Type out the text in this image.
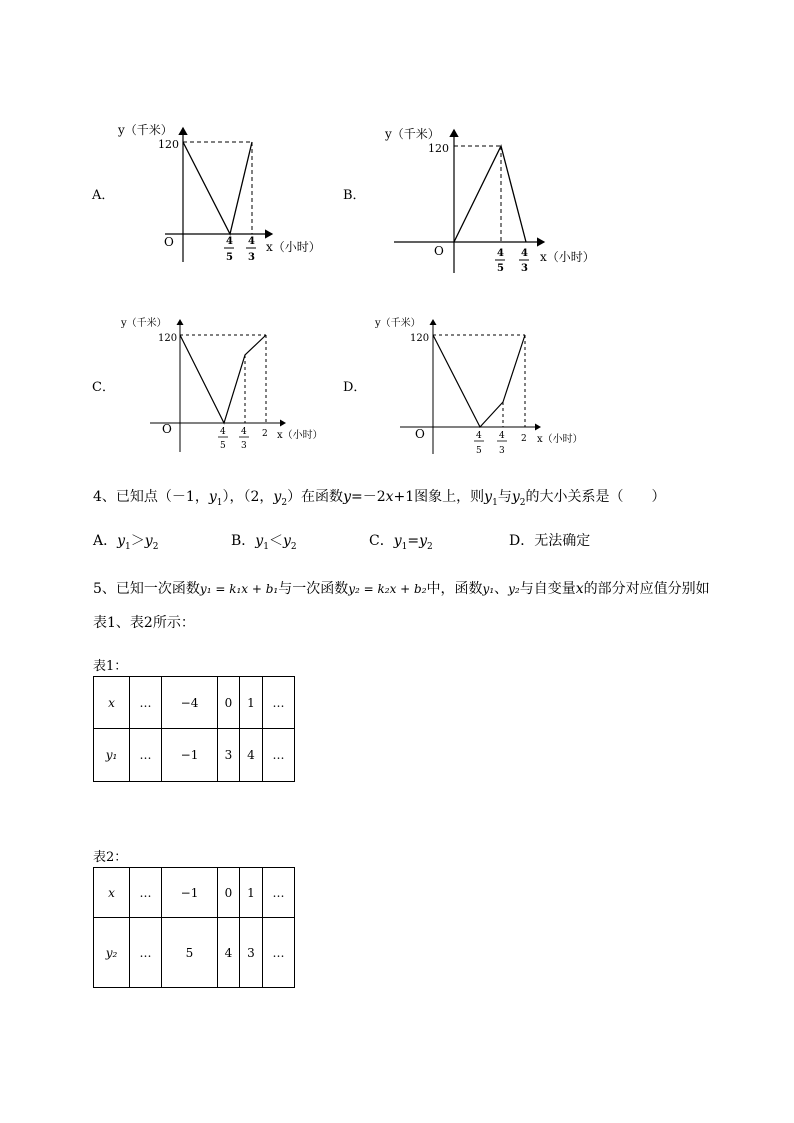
A．
y（千米）
120
O	4
5
4
3
x（小时）
B．
y（千米）
120
O	4
5
4
3
x（小时）
C．
y（千米）
120
O	4
5
4
3
2 x（小时）
D．
y（千米）
120
O	4
5
4
3
2 x（小时）
4、已知点（－1，$y_1$），（2，$y_2$）在函数y=－2x+1图象上，则$y_1$与$y_2$的大小关系是（　　）
A．$y_1>y_2$	B．$y_1<y_2$	C．$y_1=y_2$	D．无法确定
5、已知一次函数y₁ = k₁x + b₁与一次函数y₂ = k₂x + b₂中，函数y₁、y₂与自变量x的部分对应值分别如
表1、表2所示：
表1：
x	…	−4	0	1	…
y₁	…	−1	3	4	…
表2：
x	…	−1	0	1	…
y₂	…	5	4	3	…
